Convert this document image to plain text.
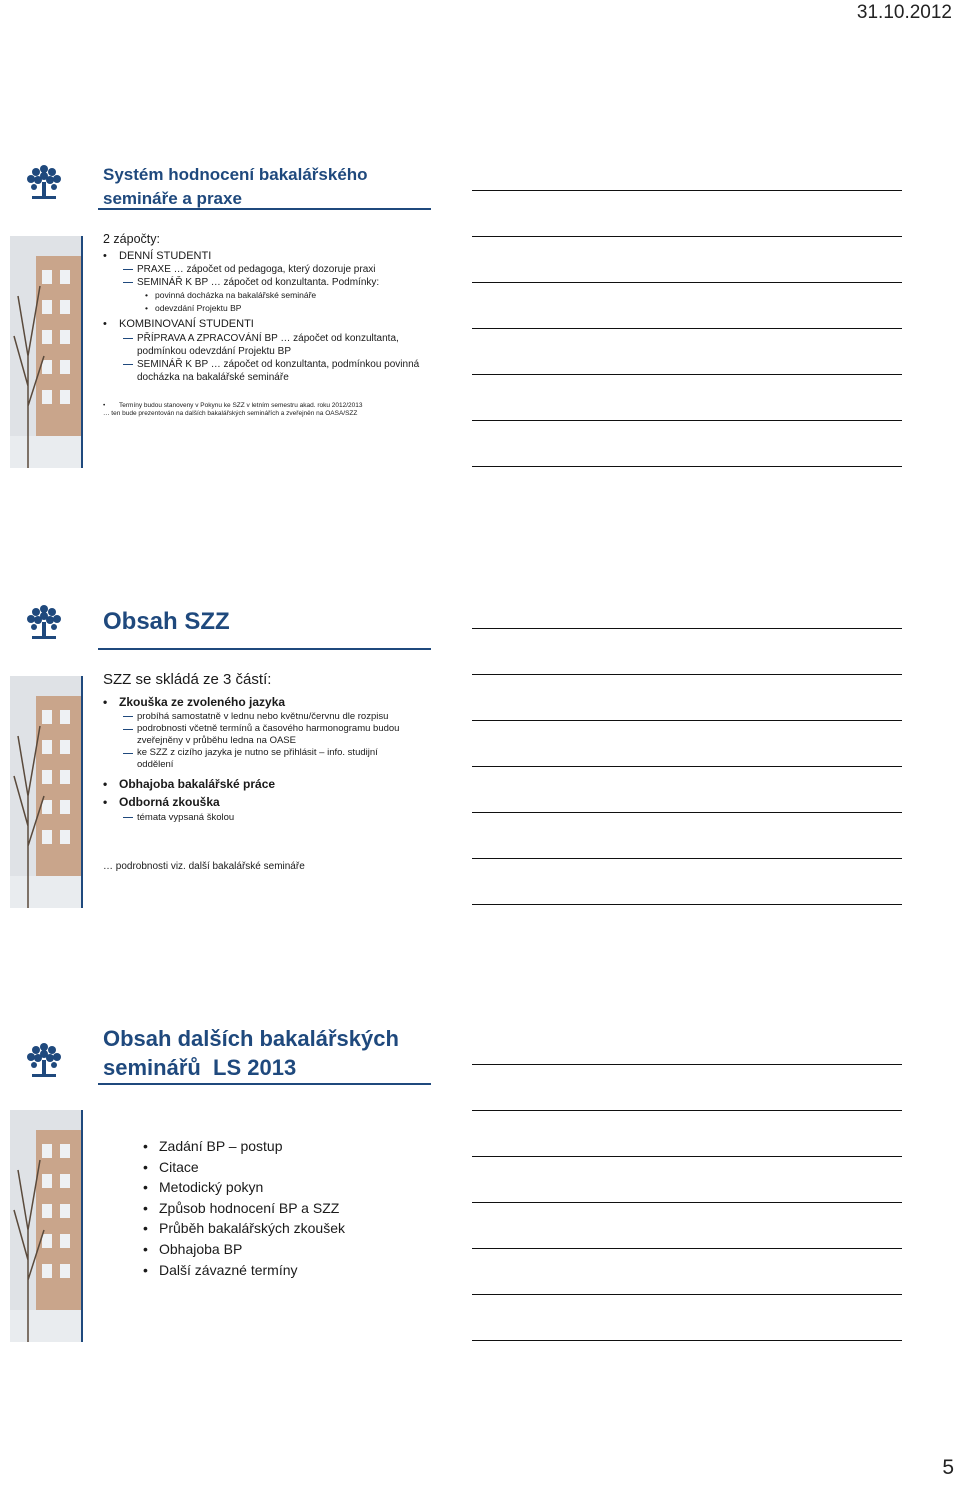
31.10.2012
Systém hodnocení bakalářského
semináře a praxe
2 zápočty:
• DENNÍ STUDENTI
PRAXE … zápočet od pedagoga, který dozoruje praxi
SEMINÁŘ K BP … zápočet od konzultanta. Podmínky:
• povinná docházka na bakalářské semináře
• odevzdání Projektu BP
• KOMBINOVANÍ STUDENTI
PŘÍPRAVA A ZPRACOVÁNÍ BP … zápočet od konzultanta, podmínkou odevzdání Projektu BP
SEMINÁŘ K BP … zápočet od konzultanta, podmínkou povinná docházka na bakalářské semináře
• Termíny budou stanoveny v Pokynu ke SZZ v letním semestru akad. roku 2012/2013
… ten bude prezentován na dalších bakalářských seminářích a zveřejněn na OASA/SZZ
Obsah SZZ
SZZ se skládá ze 3 částí:
• Zkouška ze zvoleného jazyka
probíhá samostatně v lednu nebo květnu/červnu dle rozpisu
podrobnosti včetně termínů a časového harmonogramu budou zveřejněny v průběhu ledna na OASE
ke SZZ z cizího jazyka je nutno se přihlásit – info. studijní oddělení
• Obhajoba bakalářské práce
• Odborná zkouška
témata vypsaná školou
… podrobnosti viz. další bakalářské semináře
Obsah dalších bakalářských
seminářů  LS 2013
• Zadání BP – postup
• Citace
• Metodický pokyn
• Způsob hodnocení BP a SZZ
• Průběh bakalářských zkoušek
• Obhajoba BP
• Další závazné termíny
5
